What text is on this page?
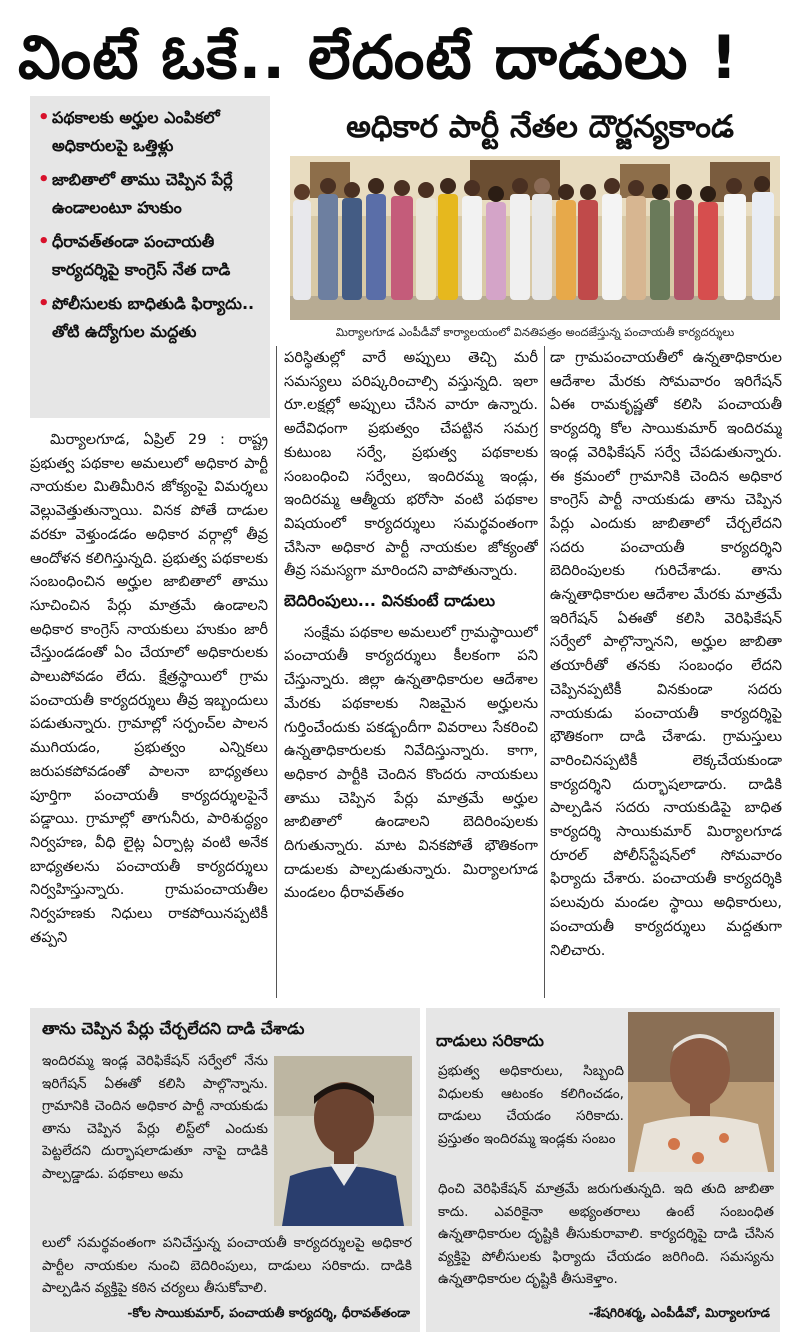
వింటే ఓకే.. లేదంటే దాడులు !
• పథకాలకు అర్హుల ఎంపికలో అధికారులపై ఒత్తిళ్లు
• జాబితాలో తాము చెప్పిన పేర్లే ఉండాలంటూ హుకుం
• ధీరావత్‌తండా పంచాయతీ కార్యదర్శిపై కాంగ్రెస్‌ నేత దాడి
• పోలీసులకు బాధితుడి ఫిర్యాదు.. తోటి ఉద్యోగుల మద్దతు
అధికార పార్టీ నేతల దౌర్జన్యకాండ
మిర్యాలగూడ ఎంపీడీవో కార్యాలయంలో వినతిపత్రం అందజేస్తున్న పంచాయతీ కార్యదర్శులు

మిర్యాలగూడ, ఏప్రిల్‌ 29 : రాష్ట్ర ప్రభుత్వ పథకాల అమలులో అధికార పార్టీ నాయకుల మితిమీరిన జోక్యంపై విమర్శలు వెల్లువెత్తుతున్నాయి. వినక పోతే దాడుల వరకూ వెళ్తుండడం అధికార వర్గాల్లో తీవ్ర ఆందోళన కలిగిస్తున్నది. ప్రభుత్వ పథకాలకు సంబంధించిన అర్హుల జాబితాలో తాము సూచించిన పేర్లు మాత్రమే ఉండాలని అధికార కాంగ్రెస్‌ నాయకులు హుకుం జారీ చేస్తుండడంతో ఏం చేయాలో అధికారులకు పాలుపోవడం లేదు. క్షేత్రస్థాయిలో గ్రామ పంచాయతీ కార్యదర్శులు తీవ్ర ఇబ్బందులు పడుతున్నారు. గ్రామాల్లో సర్పంచ్‌ల పాలన ముగియడం, ప్రభుత్వం ఎన్నికలు జరుపకపోవడంతో పాలనా బాధ్యతలు పూర్తిగా పంచాయతీ కార్యదర్శులపైనే పడ్డాయి. గ్రామాల్లో తాగునీరు, పారిశుద్ధ్యం నిర్వహణ, వీధి లైట్ల ఏర్పాట్ల వంటి అనేక బాధ్యతలను పంచాయతీ కార్యదర్శులు నిర్వహిస్తున్నారు. గ్రామపంచాయతీల నిర్వహణకు నిధులు రాకపోయినప్పటికీ తప్పని

పరిస్థితుల్లో వారే అప్పులు తెచ్చి మరీ సమస్యలు పరిష్కరించాల్సి వస్తున్నది. ఇలా రూ.లక్షల్లో అప్పులు చేసిన వారూ ఉన్నారు. అదేవిధంగా ప్రభుత్వం చేపట్టిన సమగ్ర కుటుంబ సర్వే, ప్రభుత్వ పథకాలకు సంబంధించి సర్వేలు, ఇందిరమ్మ ఇండ్లు, ఇందిరమ్మ ఆత్మీయ భరోసా వంటి పథకాల విషయంలో కార్యదర్శులు సమర్థవంతంగా చేసినా అధికార పార్టీ నాయకుల జోక్యంతో తీవ్ర సమస్యగా మారిందని వాపోతున్నారు.

బెదిరింపులు... వినకుంటే దాడులు

సంక్షేమ పథకాల అమలులో గ్రామస్థాయిలో పంచాయతీ కార్యదర్శులు కీలకంగా పని చేస్తున్నారు. జిల్లా ఉన్నతాధికారుల ఆదేశాల మేరకు పథకాలకు నిజమైన అర్హులను గుర్తించేందుకు పకడ్బందీగా వివరాలు సేకరించి ఉన్నతాధికారులకు నివేదిస్తున్నారు. కాగా, అధికార పార్టీకి చెందిన కొందరు నాయకులు తాము చెప్పిన పేర్లు మాత్రమే అర్హుల జాబితాలో ఉండాలని బెదిరింపులకు దిగుతున్నారు. మాట వినకపోతే భౌతికంగా దాడులకు పాల్పడుతున్నారు. మిర్యాలగూడ మండలం ధీరావత్‌తం

డా గ్రామపంచాయతీలో ఉన్నతాధికారుల ఆదేశాల మేరకు సోమవారం ఇరిగేషన్‌ ఏఈ రామకృష్ణతో కలిసి పంచాయతీ కార్యదర్శి కోల సాయికుమార్‌ ఇందిరమ్మ ఇండ్ల వెరిఫికేషన్‌ సర్వే చేపడుతున్నారు. ఈ క్రమంలో గ్రామానికి చెందిన అధికార కాంగ్రెస్‌ పార్టీ నాయకుడు తాను చెప్పిన పేర్లు ఎందుకు జాబితాలో చేర్చలేదని సదరు పంచాయతీ కార్యదర్శిని బెదిరింపులకు గురిచేశాడు. తాను ఉన్నతాధికారుల ఆదేశాల మేరకు మాత్రమే ఇరిగేషన్‌ ఏఈతో కలిసి వెరిఫికేషన్‌ సర్వేలో పాల్గొన్నానని, అర్హుల జాబితా తయారీతో తనకు సంబంధం లేదని చెప్పినప్పటికీ వినకుండా సదరు నాయకుడు పంచాయతీ కార్యదర్శిపై భౌతికంగా దాడి చేశాడు. గ్రామస్తులు వారించినప్పటికీ లెక్కచేయకుండా కార్యదర్శిని దుర్భాషలాడారు. దాడికి పాల్పడిన సదరు నాయకుడిపై బాధిత కార్యదర్శి సాయికుమార్‌ మిర్యాలగూడ రూరల్‌ పోలీస్‌స్టేషన్‌లో సోమవారం ఫిర్యాదు చేశారు. పంచాయతీ కార్యదర్శికి పలువురు మండల స్థాయి అధికారులు, పంచాయతీ కార్యదర్శులు మద్దతుగా నిలిచారు.

తాను చెప్పిన పేర్లు చేర్చలేదని దాడి చేశాడు
ఇందిరమ్మ ఇండ్ల వెరిఫికేషన్‌ సర్వేలో నేను ఇరిగేషన్‌ ఏఈతో కలిసి పాల్గొన్నాను. గ్రామానికి చెందిన అధికార పార్టీ నాయకుడు తాను చెప్పిన పేర్లు లిస్ట్‌లో ఎందుకు పెట్టలేదని దుర్భాషలాడుతూ నాపై దాడికి పాల్పడ్డాడు. పథకాలు అమ
లులో సమర్థవంతంగా పనిచేస్తున్న పంచాయతీ కార్యదర్శులపై అధికార పార్టీల నాయకుల నుంచి బెదిరింపులు, దాడులు సరికాదు. దాడికి పాల్పడిన వ్యక్తిపై కఠిన చర్యలు తీసుకోవాలి.
-కోల సాయికుమార్‌, పంచాయతీ కార్యదర్శి, ధీరావత్‌తండా
దాడులు సరికాదు
ప్రభుత్వ అధికారులు, సిబ్బంది విధులకు ఆటంకం కలిగించడం, దాడులు చేయడం సరికాదు. ప్రస్తుతం ఇందిరమ్మ ఇండ్లకు సంబం
ధించి వెరిఫికేషన్‌ మాత్రమే జరుగుతున్నది. ఇది తుది జాబితా కాదు. ఎవరికైనా అభ్యంతరాలు ఉంటే సంబంధిత ఉన్నతాధికారుల దృష్టికి తీసుకురావాలి. కార్యదర్శిపై దాడి చేసిన వ్యక్తిపై పోలీసులకు ఫిర్యాదు చేయడం జరిగింది. సమస్యను ఉన్నతాధికారుల దృష్టికి తీసుకెళ్తాం.
-శేషగిరిశర్మ, ఎంపీడీవో, మిర్యాలగూడ
